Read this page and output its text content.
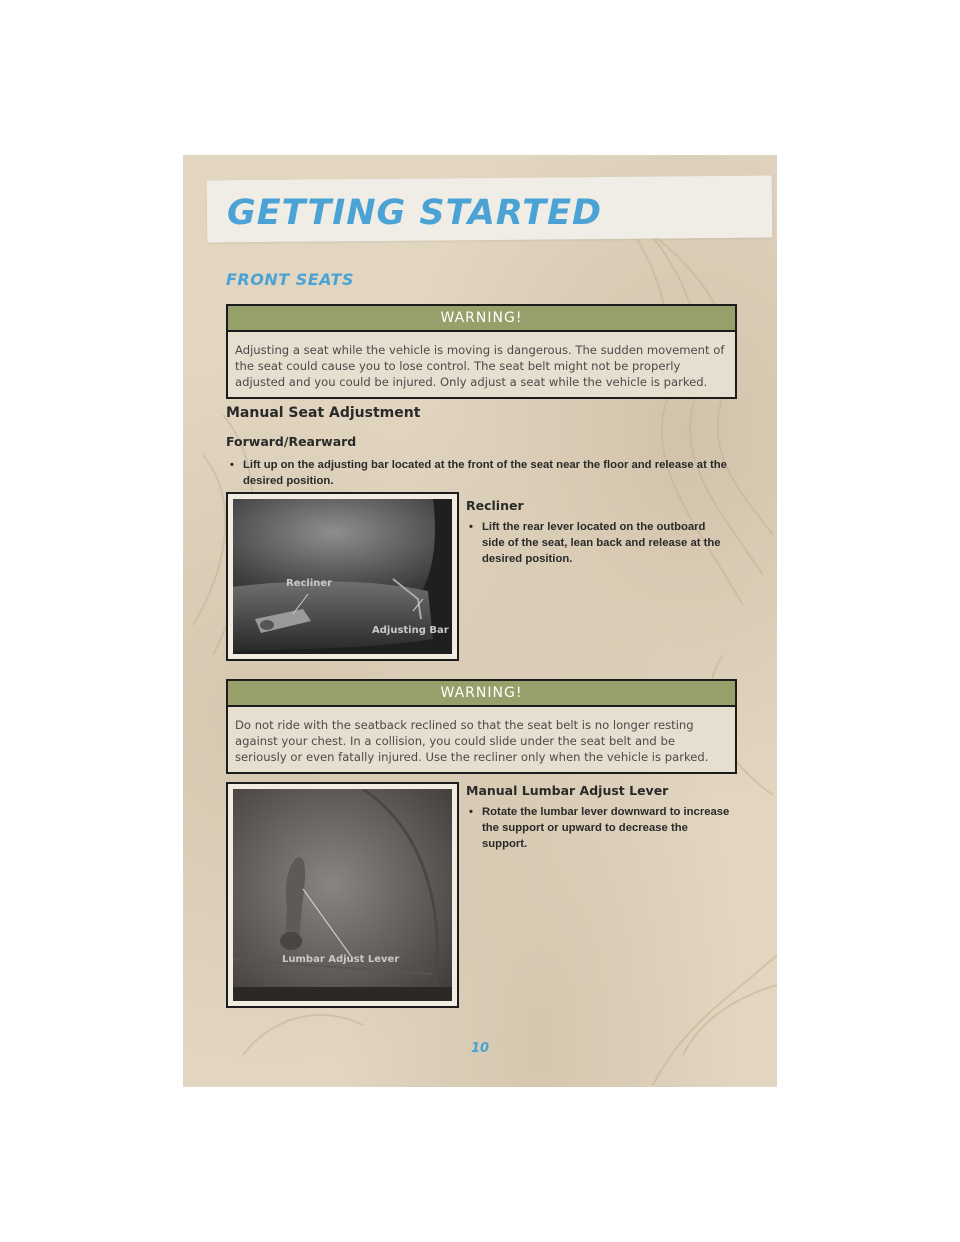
GETTING STARTED
FRONT SEATS
WARNING!
Adjusting a seat while the vehicle is moving is dangerous. The sudden movement of the seat could cause you to lose control. The seat belt might not be properly adjusted and you could be injured. Only adjust a seat while the vehicle is parked.
Manual Seat Adjustment
Forward/Rearward
• Lift up on the adjusting bar located at the front of the seat near the floor and release at the desired position.
Recliner
Adjusting Bar
Recliner
• Lift the rear lever located on the outboard side of the seat, lean back and release at the desired position.
WARNING!
Do not ride with the seatback reclined so that the seat belt is no longer resting against your chest. In a collision, you could slide under the seat belt and be seriously or even fatally injured. Use the recliner only when the vehicle is parked.
Manual Lumbar Adjust Lever
• Rotate the lumbar lever downward to increase the support or upward to decrease the support.
Lumbar Adjust Lever
10
